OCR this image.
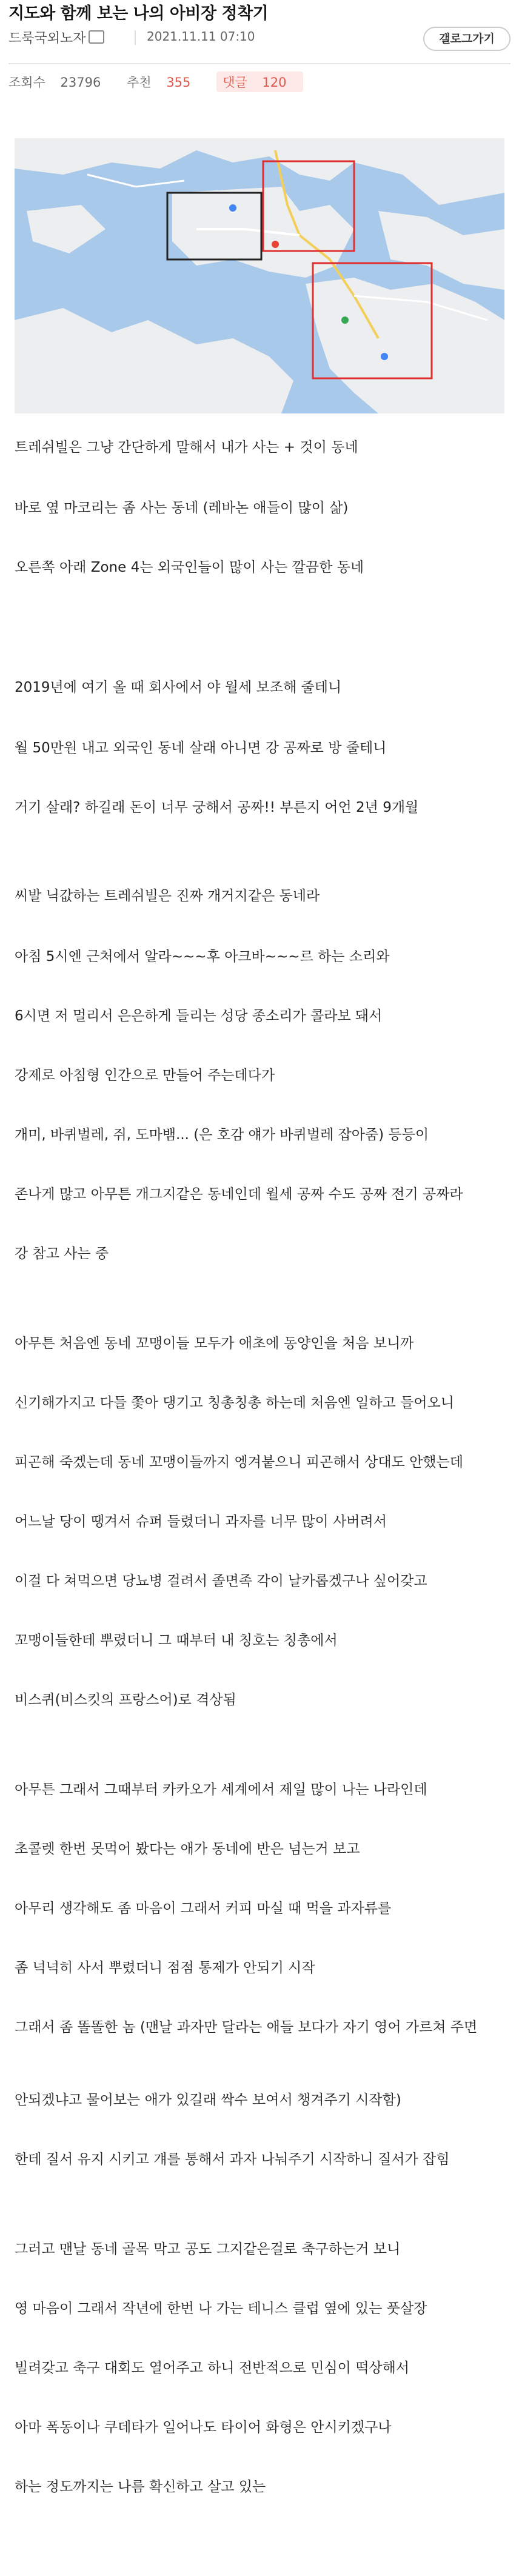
지도와 함께 보는 나의 아비장 정착기
드룩국외노자	2021.11.11 07:10	갤로그가기
조회수 23796 추천 355	댓글 120
트레쉬빌은 그냥 간단하게 말해서 내가 사는 + 것이 동네
바로 옆 마코리는 좀 사는 동네 (레바논 애들이 많이 삶)
오른쪽 아래 Zone 4는 외국인들이 많이 사는 깔끔한 동네
2019년에 여기 올 때 회사에서 야 월세 보조해 줄테니
월 50만원 내고 외국인 동네 살래 아니면 강 공짜로 방 줄테니
거기 살래? 하길래 돈이 너무 궁해서 공짜!! 부른지 어언 2년 9개월
씨발 닉값하는 트레쉬빌은 진짜 개거지같은 동네라
아침 5시엔 근처에서 알라~~~후 아크바~~~르 하는 소리와
6시면 저 멀리서 은은하게 들리는 성당 종소리가 콜라보 돼서
강제로 아침형 인간으로 만들어 주는데다가
개미, 바퀴벌레, 쥐, 도마뱀... (은 호감 얘가 바퀴벌레 잡아줌) 등등이
존나게 많고 아무튼 개그지같은 동네인데 월세 공짜 수도 공짜 전기 공짜라
강 참고 사는 중
아무튼 처음엔 동네 꼬맹이들 모두가 애초에 동양인을 처음 보니까
신기해가지고 다들 쫓아 댕기고 칭총칭총 하는데 처음엔 일하고 들어오니
피곤해 죽겠는데 동네 꼬맹이들까지 엥겨붙으니 피곤해서 상대도 안했는데
어느날 당이 땡겨서 슈퍼 들렸더니 과자를 너무 많이 사버려서
이걸 다 쳐먹으면 당뇨병 걸려서 졸면족 각이 날카롭겠구나 싶어갖고
꼬맹이들한테 뿌렸더니 그 때부터 내 칭호는 칭총에서
비스퀴(비스킷의 프랑스어)로 격상됨
아무튼 그래서 그때부터 카카오가 세계에서 제일 많이 나는 나라인데
초콜렛 한번 못먹어 봤다는 애가 동네에 반은 넘는거 보고
아무리 생각해도 좀 마음이 그래서 커피 마실 때 먹을 과자류를
좀 넉넉히 사서 뿌렸더니 점점 통제가 안되기 시작
그래서 좀 똘똘한 놈 (맨날 과자만 달라는 애들 보다가 자기 영어 가르쳐 주면
안되겠냐고 물어보는 애가 있길래 싹수 보여서 챙겨주기 시작함)
한테 질서 유지 시키고 걔를 통해서 과자 나눠주기 시작하니 질서가 잡힘
그러고 맨날 동네 골목 막고 공도 그지같은걸로 축구하는거 보니
영 마음이 그래서 작년에 한번 나 가는 테니스 클럽 옆에 있는 풋살장
빌려갖고 축구 대회도 열어주고 하니 전반적으로 민심이 떡상해서
아마 폭동이나 쿠데타가 일어나도 타이어 화형은 안시키겠구나
하는 정도까지는 나름 확신하고 살고 있는
